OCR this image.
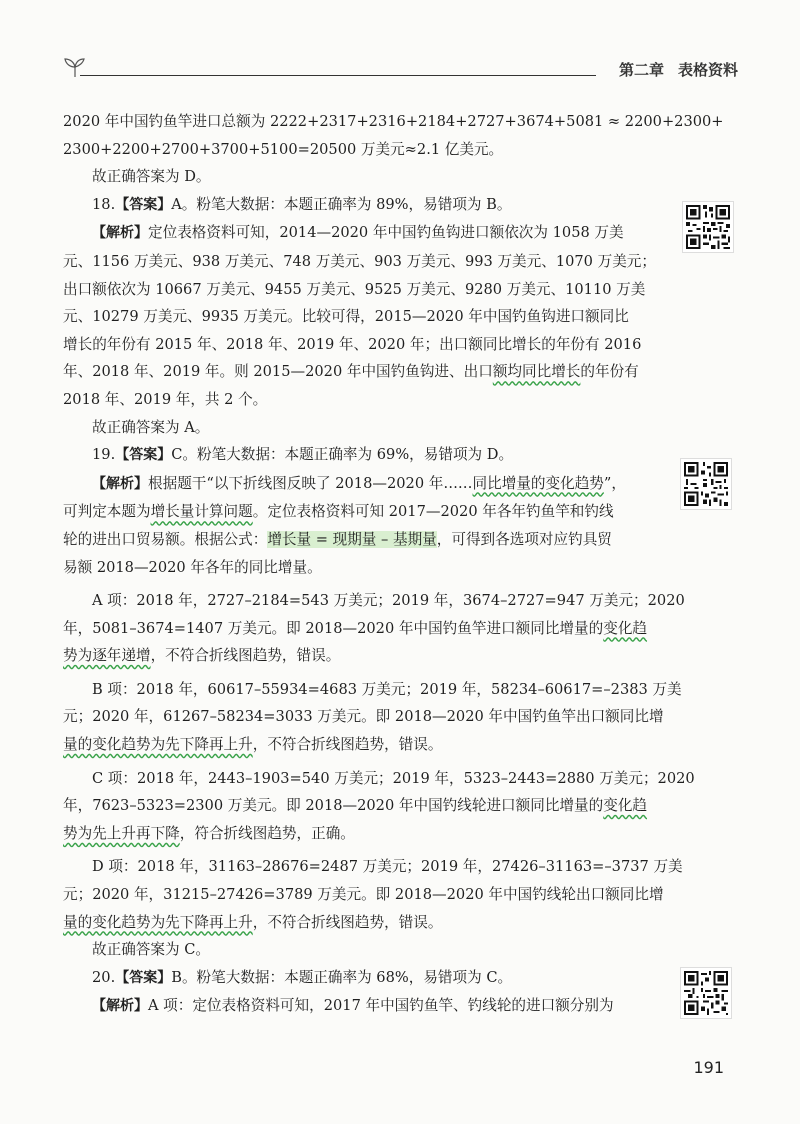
第二章 表格资料
2020 年中国钓鱼竿进口总额为 2222+2317+2316+2184+2727+3674+5081 ≈ 2200+2300+
2300+2200+2700+3700+5100=20500 万美元≈2.1 亿美元。
故正确答案为 D。
18.【答案】A。粉笔大数据：本题正确率为 89%，易错项为 B。
【解析】定位表格资料可知，2014—2020 年中国钓鱼钩进口额依次为 1058 万美
元、1156 万美元、938 万美元、748 万美元、903 万美元、993 万美元、1070 万美元；
出口额依次为 10667 万美元、9455 万美元、9525 万美元、9280 万美元、10110 万美
元、10279 万美元、9935 万美元。比较可得，2015—2020 年中国钓鱼钩进口额同比
增长的年份有 2015 年、2018 年、2019 年、2020 年；出口额同比增长的年份有 2016
年、2018 年、2019 年。则 2015—2020 年中国钓鱼钩进、出口额均同比增长的年份有
2018 年、2019 年，共 2 个。
故正确答案为 A。
19.【答案】C。粉笔大数据：本题正确率为 69%，易错项为 D。
【解析】根据题干“以下折线图反映了 2018—2020 年……同比增量的变化趋势”，
可判定本题为增长量计算问题。定位表格资料可知 2017—2020 年各年钓鱼竿和钓线
轮的进出口贸易额。根据公式：增长量 = 现期量 – 基期量，可得到各选项对应钓具贸
易额 2018—2020 年各年的同比增量。
A 项：2018 年，2727–2184=543 万美元；2019 年，3674–2727=947 万美元；2020
年，5081–3674=1407 万美元。即 2018—2020 年中国钓鱼竿进口额同比增量的变化趋
势为逐年递增，不符合折线图趋势，错误。
B 项：2018 年，60617–55934=4683 万美元；2019 年，58234–60617=–2383 万美
元；2020 年，61267–58234=3033 万美元。即 2018—2020 年中国钓鱼竿出口额同比增
量的变化趋势为先下降再上升，不符合折线图趋势，错误。
C 项：2018 年，2443–1903=540 万美元；2019 年，5323–2443=2880 万美元；2020
年，7623–5323=2300 万美元。即 2018—2020 年中国钓线轮进口额同比增量的变化趋
势为先上升再下降，符合折线图趋势，正确。
D 项：2018 年，31163–28676=2487 万美元；2019 年，27426–31163=–3737 万美
元；2020 年，31215–27426=3789 万美元。即 2018—2020 年中国钓线轮出口额同比增
量的变化趋势为先下降再上升，不符合折线图趋势，错误。
故正确答案为 C。
20.【答案】B。粉笔大数据：本题正确率为 68%，易错项为 C。
【解析】A 项：定位表格资料可知，2017 年中国钓鱼竿、钓线轮的进口额分别为
191
